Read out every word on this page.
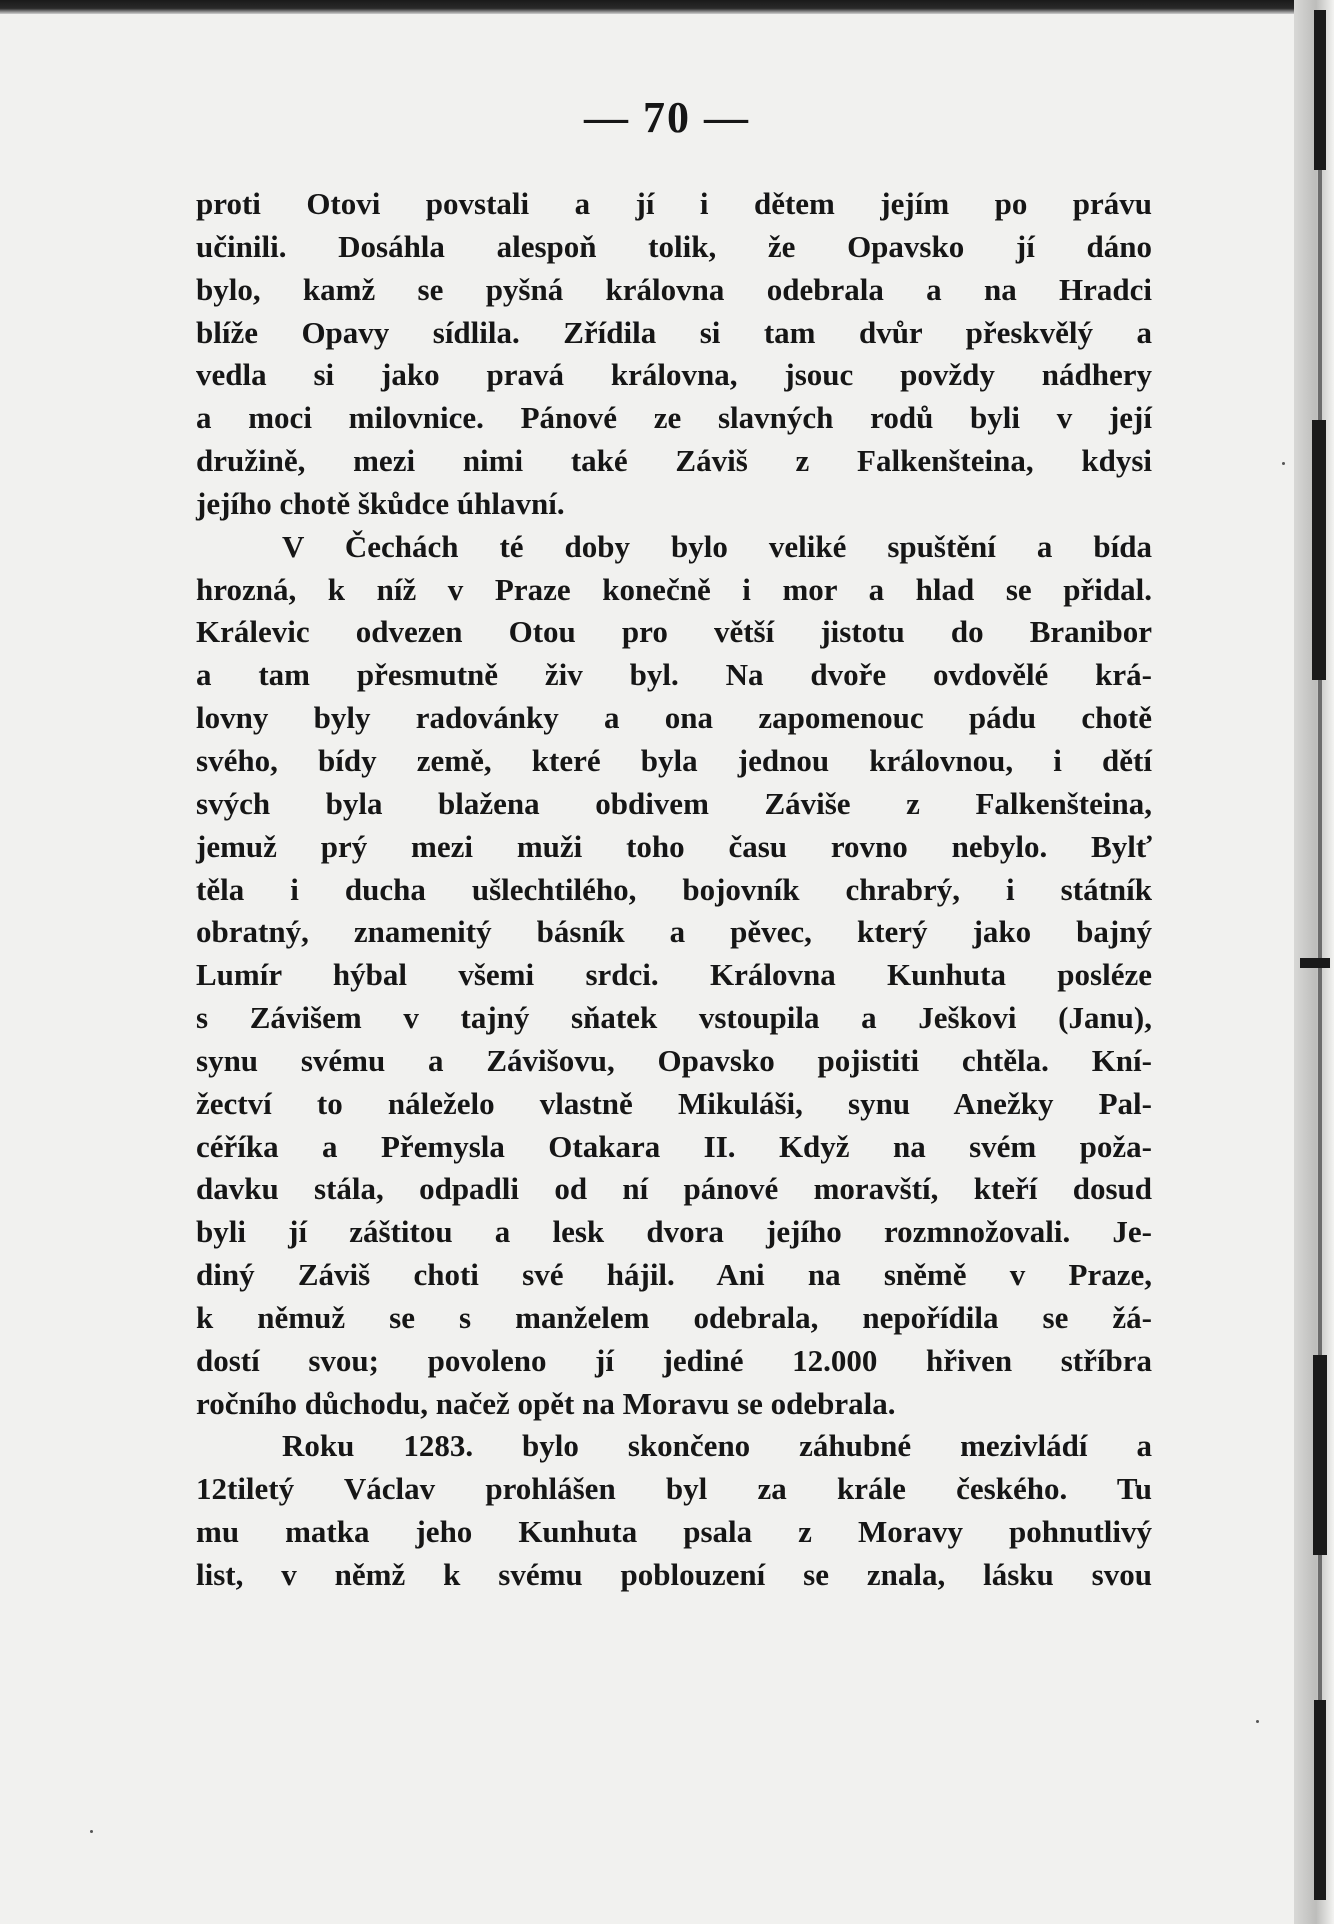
— 70 —
proti Otovi povstali a jí i dětem jejím po právu
učinili. Dosáhla alespoň tolik, že Opavsko jí dáno
bylo, kamž se pyšná královna odebrala a na Hradci
blíže Opavy sídlila. Zřídila si tam dvůr přeskvělý a
vedla si jako pravá královna, jsouc povždy nádhery
a moci milovnice. Pánové ze slavných rodů byli v její
družině, mezi nimi také Záviš z Falkenšteina, kdysi
jejího chotě škůdce úhlavní.
V Čechách té doby bylo veliké spuštění a bída
hrozná, k níž v Praze konečně i mor a hlad se přidal.
Králevic odvezen Otou pro větší jistotu do Branibor
a tam přesmutně živ byl. Na dvoře ovdovělé krá-
lovny byly radovánky a ona zapomenouc pádu chotě
svého, bídy země, které byla jednou královnou, i dětí
svých byla blažena obdivem Záviše z Falkenšteina,
jemuž prý mezi muži toho času rovno nebylo. Bylť
těla i ducha ušlechtilého, bojovník chrabrý, i státník
obratný, znamenitý básník a pěvec, který jako bajný
Lumír hýbal všemi srdci. Královna Kunhuta posléze
s Závišem v tajný sňatek vstoupila a Ješkovi (Janu),
synu svému a Závišovu, Opavsko pojistiti chtěla. Kní-
žectví to náleželo vlastně Mikuláši, synu Anežky Pal-
céříka a Přemysla Otakara II. Když na svém poža-
davku stála, odpadli od ní pánové moravští, kteří dosud
byli jí záštitou a lesk dvora jejího rozmnožovali. Je-
diný Záviš choti své hájil. Ani na sněmě v Praze,
k němuž se s manželem odebrala, nepořídila se žá-
dostí svou; povoleno jí jediné 12.000 hřiven stříbra
ročního důchodu, načež opět na Moravu se odebrala.
Roku 1283. bylo skončeno záhubné mezivládí a
12tiletý Václav prohlášen byl za krále českého. Tu
mu matka jeho Kunhuta psala z Moravy pohnutlivý
list, v němž k svému poblouzení se znala, lásku svou
